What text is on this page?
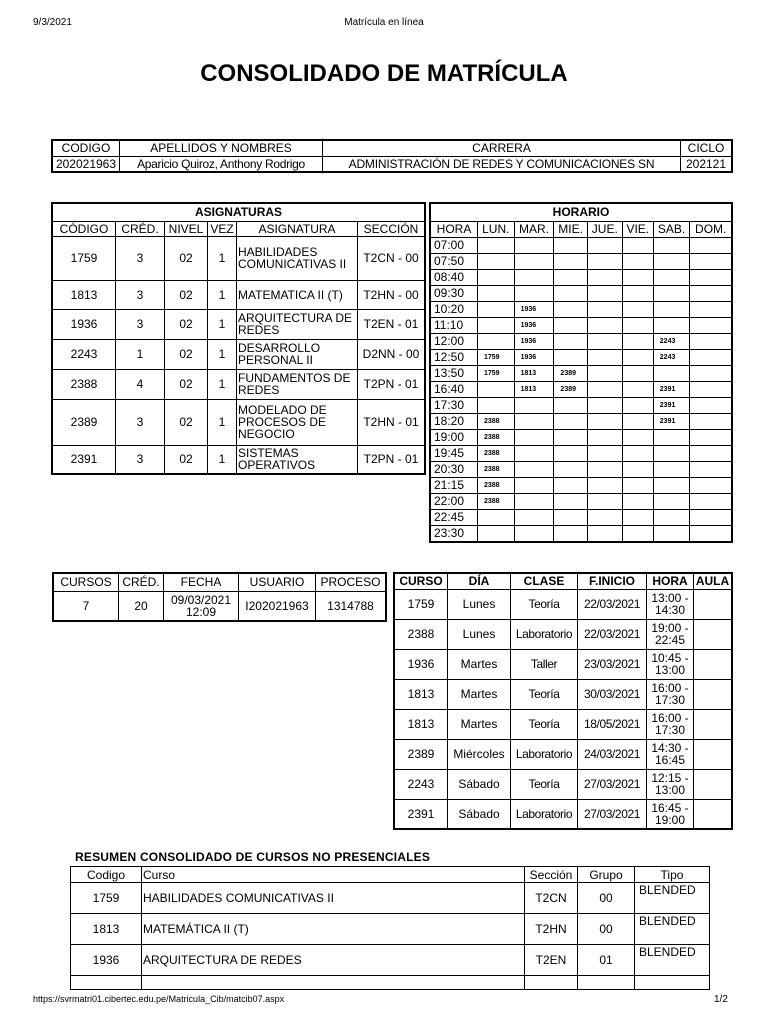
9/3/2021	Matrícula en línea
CONSOLIDADO DE MATRÍCULA
CODIGO	APELLIDOS Y NOMBRES	CARRERA	CICLO
202021963	Aparicio Quiroz, Anthony Rodrigo	ADMINISTRACIÓN DE REDES Y COMUNICACIONES SN	202121
ASIGNATURAS					
CÓDIGO	CRÉD.	NIVEL	VEZ	ASIGNATURA	SECCIÓN
1759	3	02	1	HABILIDADES COMUNICATIVAS II	T2CN - 00
1813	3	02	1	MATEMATICA II (T)	T2HN - 00
1936	3	02	1	ARQUITECTURA DE REDES	T2EN - 01
2243	1	02	1	DESARROLLO PERSONAL II	D2NN - 00
2388	4	02	1	FUNDAMENTOS DE REDES	T2PN - 01
2389	3	02	1	MODELADO DE PROCESOS DE NEGOCIO	T2HN - 01
2391	3	02	1	SISTEMAS OPERATIVOS	T2PN - 01
HORARIO							
HORA	LUN.	MAR.	MIE.	JUE.	VIE.	SAB.	DOM.
07:00							
07:50							
08:40							
09:30							
10:20		1936					
11:10		1936					
12:00		1936				2243	
12:50	1759	1936				2243	
13:50	1759	1813	2389				
16:40		1813	2389			2391	
17:30						2391	
18:20	2388					2391	
19:00	2388						
19:45	2388						
20:30	2388						
21:15	2388						
22:00	2388						
22:45							
23:30							
CURSOS	CRÉD.	FECHA	USUARIO	PROCESO
7	20	09/03/2021 12:09	I202021963	1314788
CURSO	DÍA	CLASE	F.INICIO	HORA	AULA
1759	Lunes	Teoría	22/03/2021	13:00 - 14:30	
2388	Lunes	Laboratorio	22/03/2021	19:00 - 22:45	
1936	Martes	Taller	23/03/2021	10:45 - 13:00	
1813	Martes	Teoría	30/03/2021	16:00 - 17:30	
1813	Martes	Teoría	18/05/2021	16:00 - 17:30	
2389	Miércoles	Laboratorio	24/03/2021	14:30 - 16:45	
2243	Sábado	Teoría	27/03/2021	12:15 - 13:00	
2391	Sábado	Laboratorio	27/03/2021	16:45 - 19:00	
RESUMEN CONSOLIDADO DE CURSOS NO PRESENCIALES
Codigo	Curso	Sección	Grupo	Tipo
1759	HABILIDADES COMUNICATIVAS II	T2CN	00	BLENDED
1813	MATEMÁTICA II (T)	T2HN	00	BLENDED
1936	ARQUITECTURA DE REDES	T2EN	01	BLENDED

https://svrmatri01.cibertec.edu.pe/Matricula_Cib/matcib07.aspx	1/2
